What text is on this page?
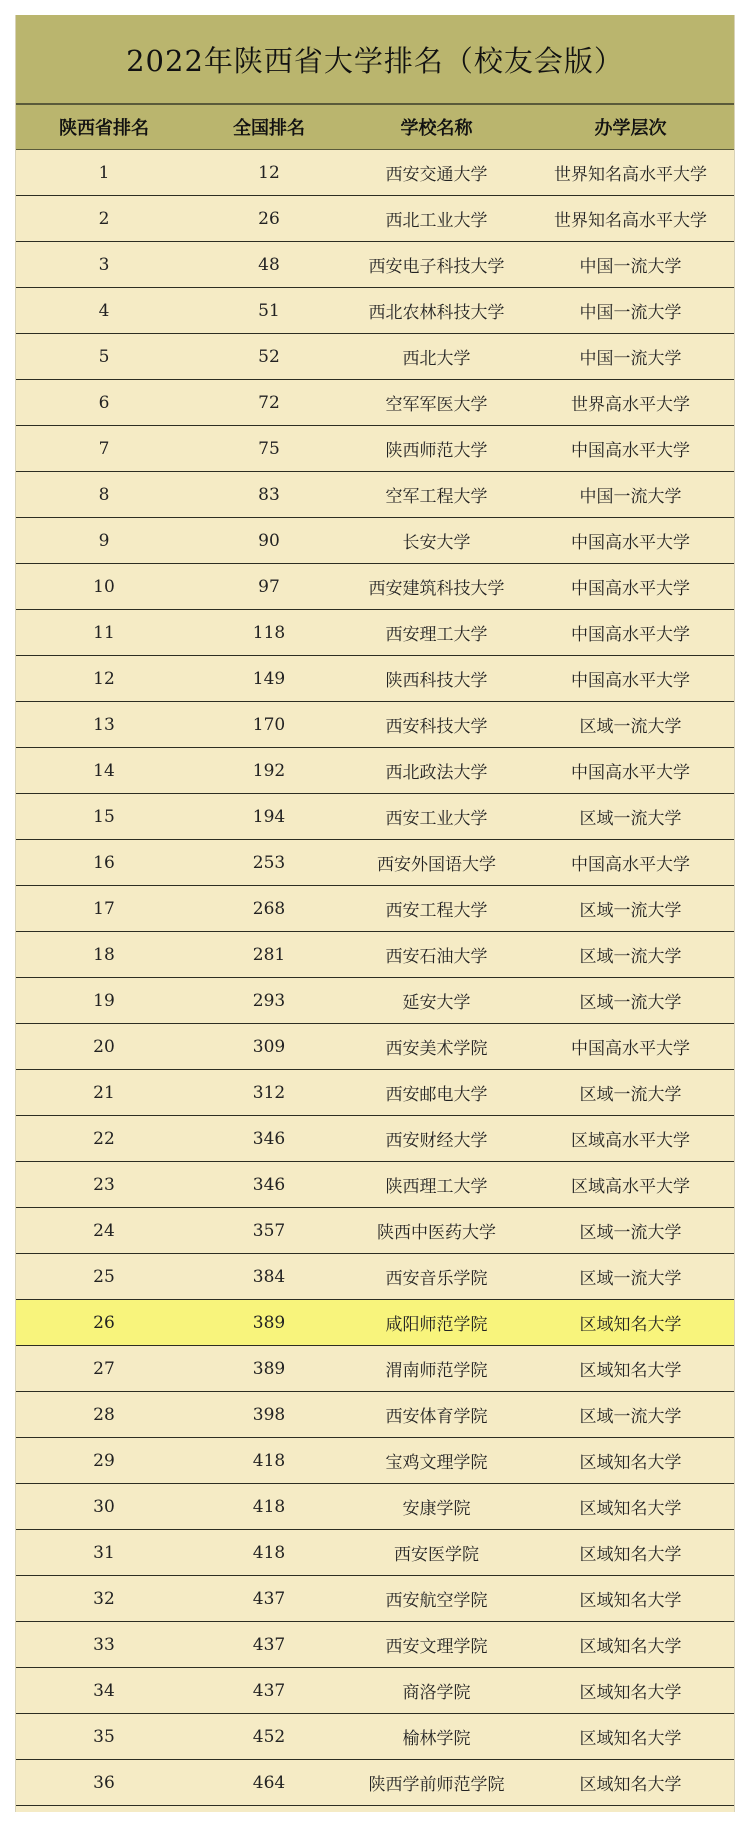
2022年陕西省大学排名（校友会版）
陕西省排名	全国排名	学校名称	办学层次
1	12	西安交通大学	世界知名高水平大学
2	26	西北工业大学	世界知名高水平大学
3	48	西安电子科技大学	中国一流大学
4	51	西北农林科技大学	中国一流大学
5	52	西北大学	中国一流大学
6	72	空军军医大学	世界高水平大学
7	75	陕西师范大学	中国高水平大学
8	83	空军工程大学	中国一流大学
9	90	长安大学	中国高水平大学
10	97	西安建筑科技大学	中国高水平大学
11	118	西安理工大学	中国高水平大学
12	149	陕西科技大学	中国高水平大学
13	170	西安科技大学	区域一流大学
14	192	西北政法大学	中国高水平大学
15	194	西安工业大学	区域一流大学
16	253	西安外国语大学	中国高水平大学
17	268	西安工程大学	区域一流大学
18	281	西安石油大学	区域一流大学
19	293	延安大学	区域一流大学
20	309	西安美术学院	中国高水平大学
21	312	西安邮电大学	区域一流大学
22	346	西安财经大学	区域高水平大学
23	346	陕西理工大学	区域高水平大学
24	357	陕西中医药大学	区域一流大学
25	384	西安音乐学院	区域一流大学
26	389	咸阳师范学院	区域知名大学
27	389	渭南师范学院	区域知名大学
28	398	西安体育学院	区域一流大学
29	418	宝鸡文理学院	区域知名大学
30	418	安康学院	区域知名大学
31	418	西安医学院	区域知名大学
32	437	西安航空学院	区域知名大学
33	437	西安文理学院	区域知名大学
34	437	商洛学院	区域知名大学
35	452	榆林学院	区域知名大学
36	464	陕西学前师范学院	区域知名大学
